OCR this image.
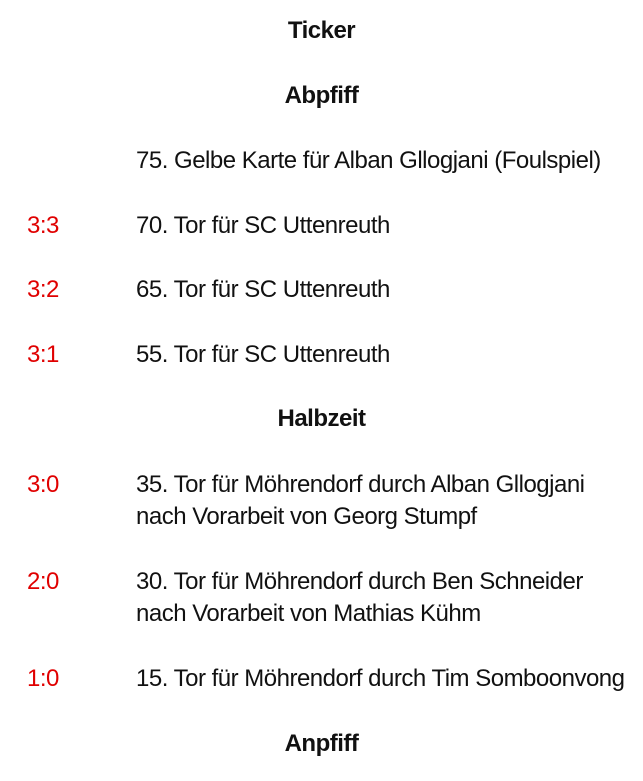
Ticker
Abpfiff
75. Gelbe Karte für Alban Gllogjani (Foulspiel)
3:3	70. Tor für SC Uttenreuth
3:2	65. Tor für SC Uttenreuth
3:1	55. Tor für SC Uttenreuth
Halbzeit
3:0	35. Tor für Möhrendorf durch Alban Gllogjani
nach Vorarbeit von Georg Stumpf
2:0	30. Tor für Möhrendorf durch Ben Schneider
nach Vorarbeit von Mathias Kühm
1:0	15. Tor für Möhrendorf durch Tim Somboonvong
Anpfiff
